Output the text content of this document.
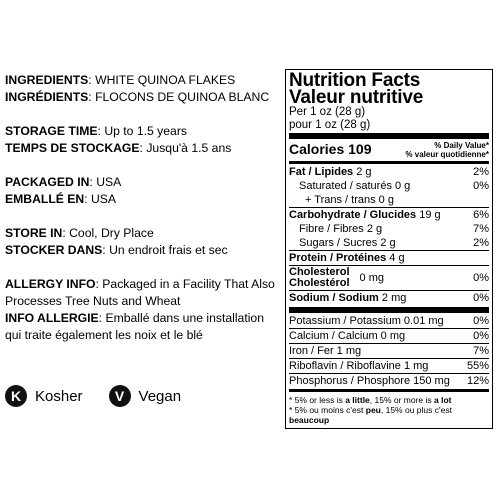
INGREDIENTS: WHITE QUINOA FLAKES
INGRÉDIENTS: FLOCONS DE QUINOA BLANC
STORAGE TIME: Up to 1.5 years
TEMPS DE STOCKAGE: Jusqu'à 1.5 ans
PACKAGED IN: USA
EMBALLÉ EN: USA
STORE IN: Cool, Dry Place
STOCKER DANS: Un endroit frais et sec
ALLERGY INFO: Packaged in a Facility That Also Processes Tree Nuts and Wheat
INFO ALLERGIE: Emballé dans une installation qui traite également les noix et le blé
K Kosher	V Vegan
Nutrition Facts
Valeur nutritive
Per 1 oz (28 g)
pour 1 oz (28 g)
Calories 109	% Daily Value*
% valeur quotidienne*
Fat / Lipides 2 g	2%
Saturated / saturés 0 g	0%
+ Trans / trans 0 g
Carbohydrate / Glucides 19 g	6%
Fibre / Fibres 2 g	7%
Sugars / Sucres 2 g	2%
Protein / Protéines 4 g
Cholesterol
Cholestérol 0 mg	0%
Sodium / Sodium 2 mg	0%
Potassium / Potassium 0.01 mg	0%
Calcium / Calcium 0 mg	0%
Iron / Fer 1 mg	7%
Riboflavin / Riboflavine 1 mg	55%
Phosphorus / Phosphore 150 mg 12%
* 5% or less is a little, 15% or more is a lot
* 5% ou moins c'est peu, 15% ou plus c'est beaucoup
